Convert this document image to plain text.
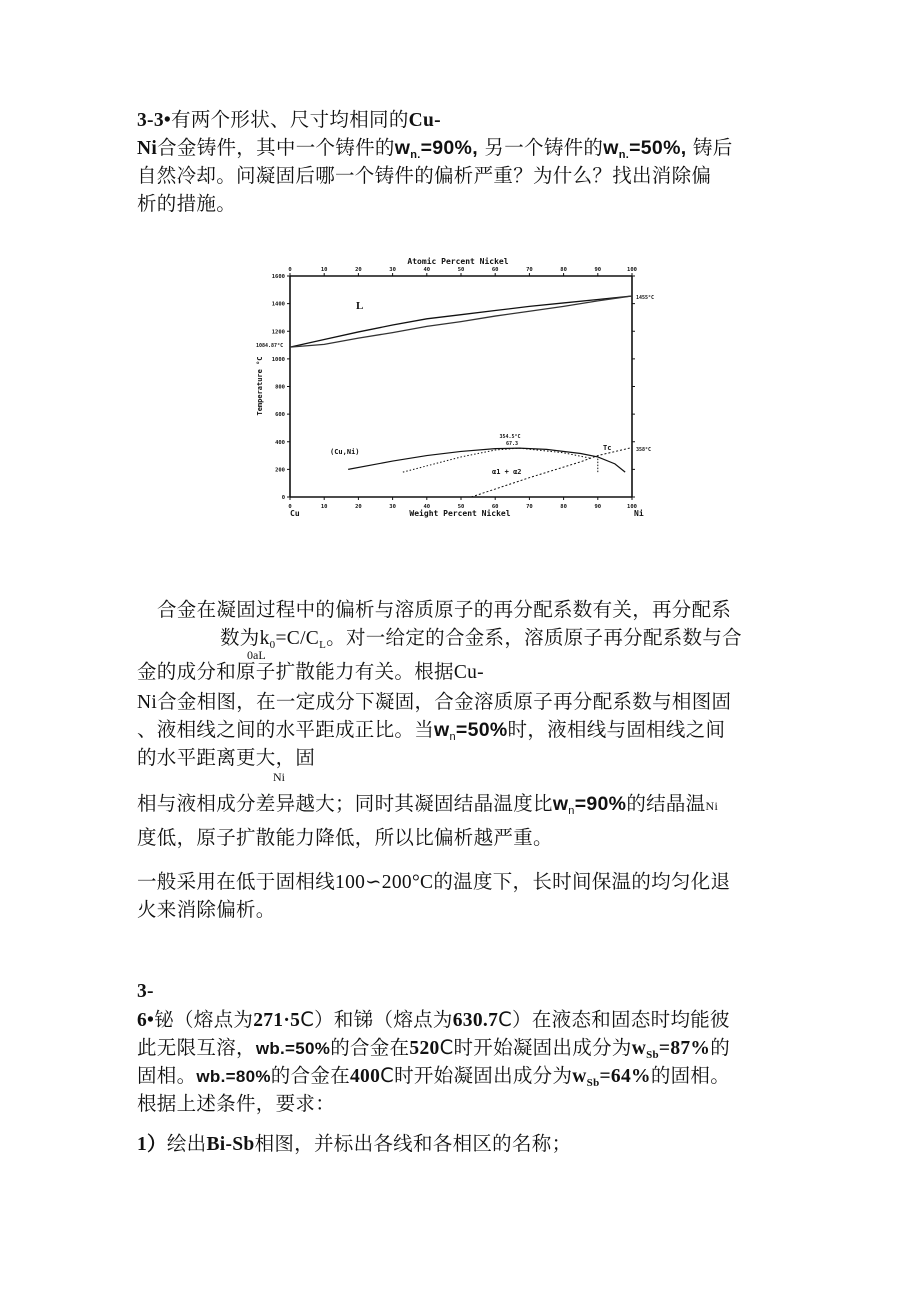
3-3•有两个形状、尺寸均相同的Cu-
Ni合金铸件，其中一个铸件的$w_{n.}=90\%$, 另一个铸件的$w_{n.}=50\%$, 铸后
自然冷却。问凝固后哪一个铸件的偏析严重？为什么？找出消除偏
析的措施。
0	10	20	30	40	50	60	70	80	90	100
0	10	20	30	40	50	60	70	80	90	100
0
200
400
600
800
1000
1200
1400
1600
Atomic Percent Nickel
Weight Percent Nickel
Temperature °C
Cu	Ni
L
1084.87°C
1455°C
(Cu,Ni)
α1 + α2
354.5°C
67.3	Tc	358°C
合金在凝固过程中的偏析与溶质原子的再分配系数有关，再分配系
数为$k_0=C/C_L$。对一给定的合金系，溶质原子再分配系数与合
0aL
金的成分和原子扩散能力有关。根据Cu-
Ni合金相图，在一定成分下凝固，合金溶质原子再分配系数与相图固
、液相线之间的水平距成正比。当$w_n=50\%$时，液相线与固相线之间
的水平距离更大，固
Ni
相与液相成分差异越大；同时其凝固结晶温度比$w_n=90\%$的结晶温Ni
度低，原子扩散能力降低，所以比偏析越严重。
一般采用在低于固相线100∽200°C的温度下，长时间保温的均匀化退
火来消除偏析。
3-
6•铋（熔点为271·5C）和锑（熔点为630.7C）在液态和固态时均能彼
此无限互溶，wb.=50%的合金在520C时开始凝固出成分为$w_{Sb}=87\%$的
固相。wb.=80%的合金在400C时开始凝固出成分为$w_{Sb}=64\%$的固相。
根据上述条件，要求：
1）绘出Bi-Sb相图，并标出各线和各相区的名称；
